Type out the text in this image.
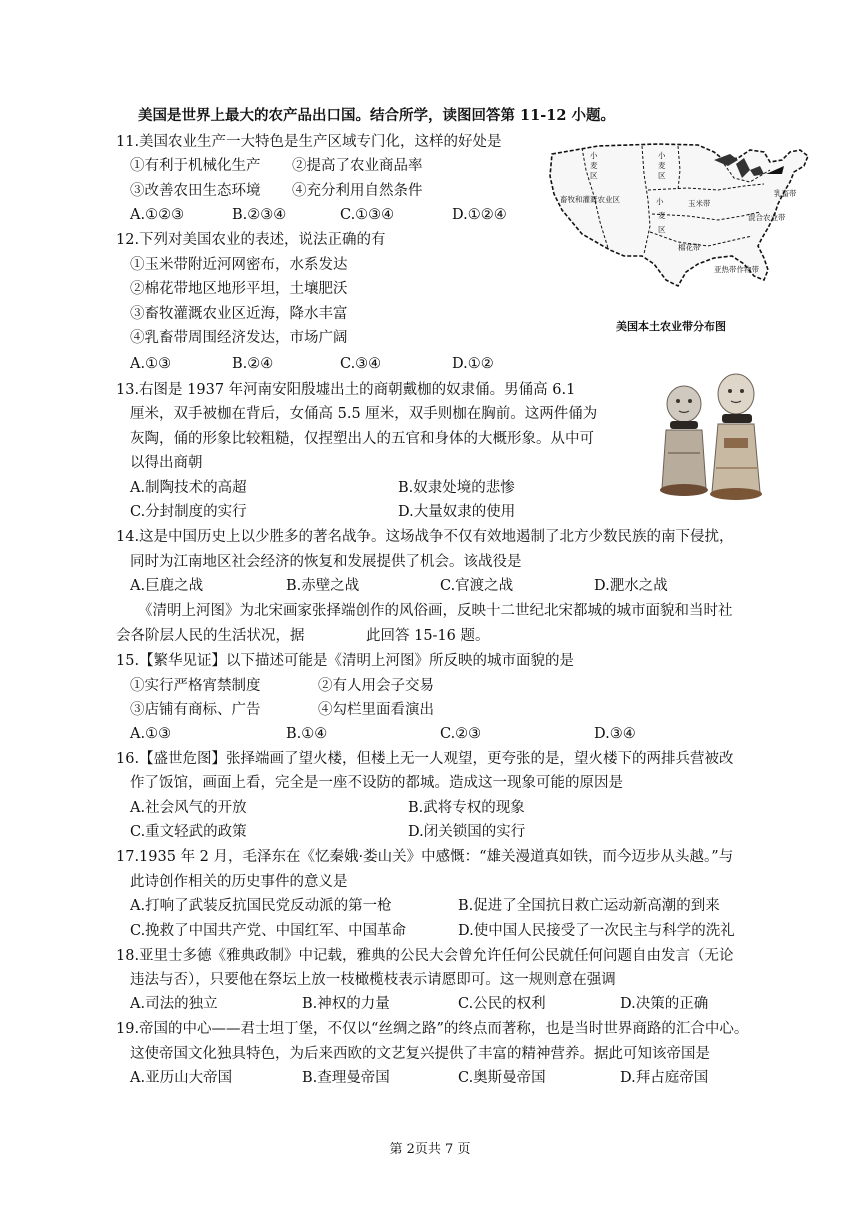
美国是世界上最大的农产品出口国。结合所学，读图回答第 11-12 小题。
11.美国农业生产一大特色是生产区域专门化，这样的好处是
①有利于机械化生产 ②提高了农业商品率
③改善农田生态环境 ④充分利用自然条件
A.①②③	B.②③④	C.①③④	D.①②④
12.下列对美国农业的表述，说法正确的有
①玉米带附近河网密布，水系发达
②棉花带地区地形平坦，土壤肥沃
③畜牧灌溉农业区近海，降水丰富
④乳畜带周围经济发达，市场广阔
A.①③	B.②④	C.③④	D.①②
小
麦
区
小
麦
区
小
麦
区
畜牧和灌溉农业区
乳畜带
玉米带
混合农业带
棉花带
亚热带作物带
美国本土农业带分布图
13.右图是 1937 年河南安阳殷墟出土的商朝戴枷的奴隶俑。男俑高 6.1
厘米，双手被枷在背后，女俑高 5.5 厘米，双手则枷在胸前。这两件俑为
灰陶，俑的形象比较粗糙，仅捏塑出人的五官和身体的大概形象。从中可
以得出商朝
A.制陶技术的高超	B.奴隶处境的悲惨
C.分封制度的实行	D.大量奴隶的使用
14.这是中国历史上以少胜多的著名战争。这场战争不仅有效地遏制了北方少数民族的南下侵扰，
同时为江南地区社会经济的恢复和发展提供了机会。该战役是
A.巨鹿之战	B.赤壁之战	C.官渡之战	D.淝水之战
《清明上河图》为北宋画家张择端创作的风俗画，反映十二世纪北宋都城的城市面貌和当时社
会各阶层人民的生活状况，据	此回答 15-16 题。
15.【繁华见证】以下描述可能是《清明上河图》所反映的城市面貌的是
①实行严格宵禁制度	②有人用会子交易
③店铺有商标、广告	④勾栏里面看演出
A.①③	B.①④	C.②③	D.③④
16.【盛世危图】张择端画了望火楼，但楼上无一人观望，更夸张的是，望火楼下的两排兵营被改
作了饭馆，画面上看，完全是一座不设防的都城。造成这一现象可能的原因是
A.社会风气的开放	B.武将专权的现象
C.重文轻武的政策	D.闭关锁国的实行
17.1935 年 2 月，毛泽东在《忆秦娥·娄山关》中感慨：“雄关漫道真如铁，而今迈步从头越。”与
此诗创作相关的历史事件的意义是
A.打响了武装反抗国民党反动派的第一枪	B.促进了全国抗日救亡运动新高潮的到来
C.挽救了中国共产党、中国红军、中国革命	D.使中国人民接受了一次民主与科学的洗礼
18.亚里士多德《雅典政制》中记载，雅典的公民大会曾允许任何公民就任何问题自由发言（无论
违法与否），只要他在祭坛上放一枝橄榄枝表示请愿即可。这一规则意在强调
A.司法的独立	B.神权的力量	C.公民的权利	D.决策的正确
19.帝国的中心——君士坦丁堡，不仅以“丝绸之路”的终点而著称，也是当时世界商路的汇合中心。
这使帝国文化独具特色，为后来西欧的文艺复兴提供了丰富的精神营养。据此可知该帝国是
A.亚历山大帝国	B.查理曼帝国	C.奥斯曼帝国	D.拜占庭帝国
第 2页共 7 页
